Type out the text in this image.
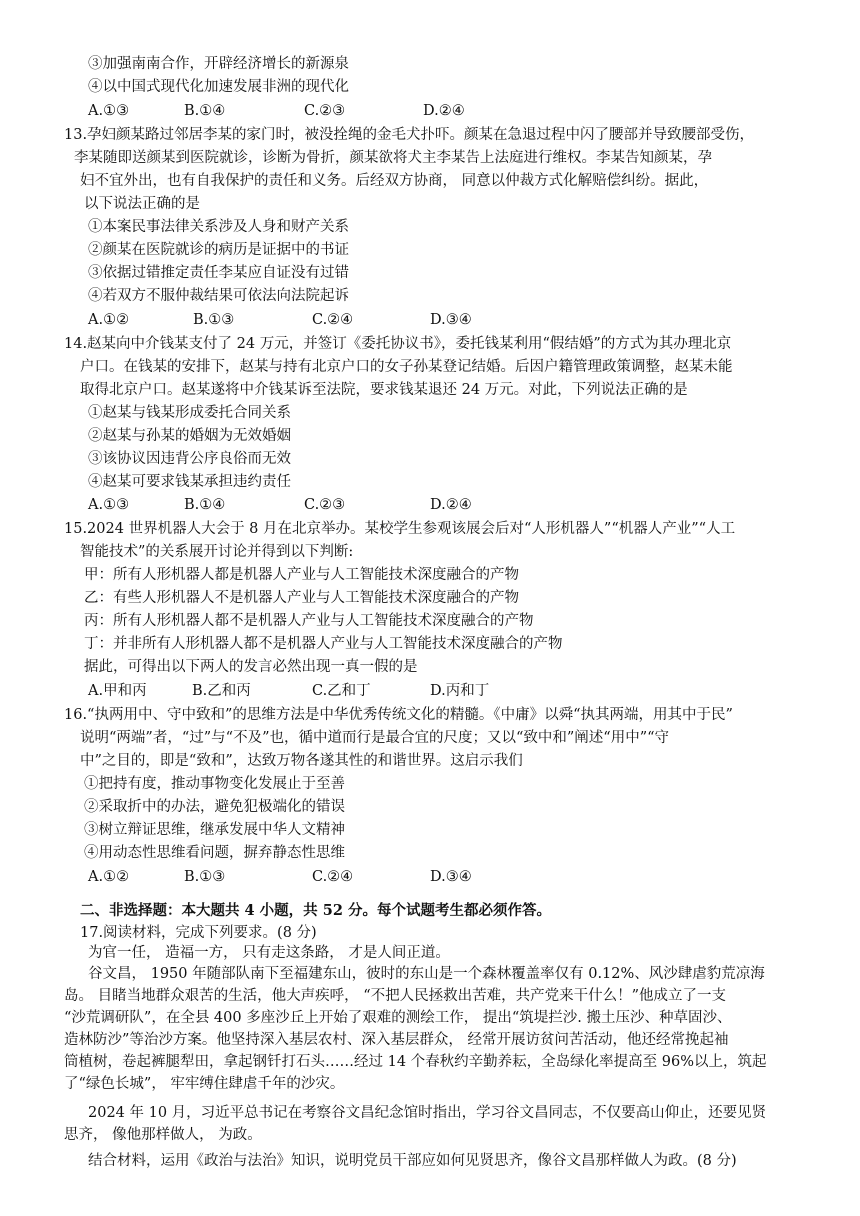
③加强南南合作，开辟经济增长的新源泉
④以中国式现代化加速发展非洲的现代化
A.①③	B.①④	C.②③	D.②④
13.孕妇颜某路过邻居李某的家门时，被没拴绳的金毛犬扑吓。颜某在急退过程中闪了腰部并导致腰部受伤，
李某随即送颜某到医院就诊，诊断为骨折，颜某欲将犬主李某告上法庭进行维权。李某告知颜某，孕
妇不宜外出，也有自我保护的责任和义务。后经双方协商， 同意以仲裁方式化解赔偿纠纷。据此，
以下说法正确的是
①本案民事法律关系涉及人身和财产关系
②颜某在医院就诊的病历是证据中的书证
③依据过错推定责任李某应自证没有过错
④若双方不服仲裁结果可依法向法院起诉
A.①②	B.①③	C.②④	D.③④
14.赵某向中介钱某支付了 24 万元，并签订《委托协议书》，委托钱某利用“假结婚”的方式为其办理北京
户口。在钱某的安排下，赵某与持有北京户口的女子孙某登记结婚。后因户籍管理政策调整，赵某未能
取得北京户口。赵某遂将中介钱某诉至法院，要求钱某退还 24 万元。对此，下列说法正确的是
①赵某与钱某形成委托合同关系
②赵某与孙某的婚姻为无效婚姻
③该协议因违背公序良俗而无效
④赵某可要求钱某承担违约责任
A.①③	B.①④	C.②③	D.②④
15.2024 世界机器人大会于 8 月在北京举办。某校学生参观该展会后对“人形机器人”“机器人产业”“人工
智能技术”的关系展开讨论并得到以下判断:
甲：所有人形机器人都是机器人产业与人工智能技术深度融合的产物
乙：有些人形机器人不是机器人产业与人工智能技术深度融合的产物
丙：所有人形机器人都不是机器人产业与人工智能技术深度融合的产物
丁：并非所有人形机器人都不是机器人产业与人工智能技术深度融合的产物
据此，可得出以下两人的发言必然出现一真一假的是
A.甲和丙	B.乙和丙	C.乙和丁	D.丙和丁
16.“执两用中、守中致和”的思维方法是中华优秀传统文化的精髓。《中庸》以舜“执其两端，用其中于民”
说明“两端”者，“过”与“不及”也，循中道而行是最合宜的尺度；又以“致中和”阐述“用中”“守
中”之目的，即是“致和”，达致万物各遂其性的和谐世界。这启示我们
①把持有度，推动事物变化发展止于至善
②采取折中的办法，避免犯极端化的错误
③树立辩证思维，继承发展中华人文精神
④用动态性思维看问题，摒弃静态性思维
A.①②	B.①③	C.②④	D.③④
二、非选择题：本大题共 4 小题，共 52 分。每个试题考生都必须作答。
17.阅读材料，完成下列要求。(8 分)
为官一任， 造福一方， 只有走这条路， 才是人间正道。
谷文昌， 1950 年随部队南下至福建东山，彼时的东山是一个森林覆盖率仅有 0.12%、风沙肆虐豹荒凉海
岛。 目睹当地群众艰苦的生活，他大声疾呼， “不把人民拯救出苦难，共产党来干什么！”他成立了一支
“沙荒调研队”，在全县 400 多座沙丘上开始了艰难的测绘工作， 提出“筑堤拦沙. 搬土压沙、种草固沙、
造林防沙”等治沙方案。他坚持深入基层农村、深入基层群众， 经常开展访贫问苦活动，他还经常挽起袖
筒植树，卷起裤腿犁田，拿起钢钎打石头……经过 14 个春秋约辛勤养耘，全岛绿化率提高至 96%以上，筑起
了“绿色长城”， 牢牢缚住肆虐千年的沙灾。
2024 年 10 月，习近平总书记在考察谷文昌纪念馆时指出，学习谷文昌同志，不仅要高山仰止，还要见贤
思齐， 像他那样做人， 为政。
结合材料，运用《政治与法治》知识，说明党员干部应如何见贤思齐，像谷文昌那样做人为政。(8 分)
